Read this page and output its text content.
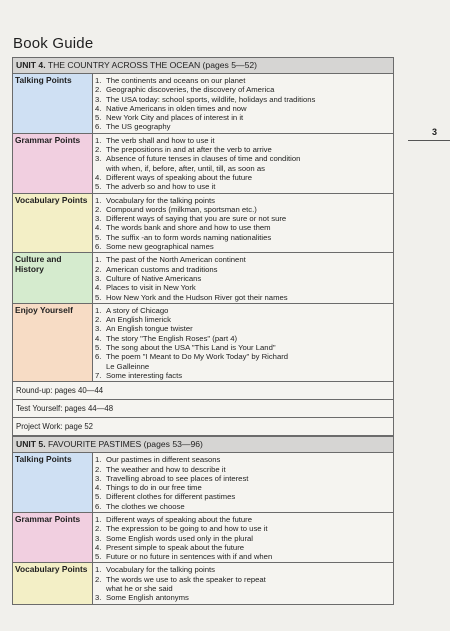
Book Guide
3
UNIT 4. THE COUNTRY ACROSS THE OCEAN (pages 5—52)
Talking Points	1. The continents and oceans on our planet
2. Geographic discoveries, the discovery of America
3. The USA today: school sports, wildlife, holidays and traditions
4. Native Americans in olden times and now
5. New York City and places of interest in it
6. The US geography
Grammar Points	1. The verb shall and how to use it
2. The prepositions in and at after the verb to arrive
3. Absence of future tenses in clauses of time and condition
with when, if, before, after, until, till, as soon as
4. Different ways of speaking about the future
5. The adverb so and how to use it
Vocabulary Points 1. Vocabulary for the talking points
2. Compound words (milkman, sportsman etc.)
3. Different ways of saying that you are sure or not sure
4. The words bank and shore and how to use them
5. The suffix -an to form words naming nationalities
6. Some new geographical names
Culture and History
1. The past of the North American continent
2. American customs and traditions
3. Culture of Native Americans
4. Places to visit in New York
5. How New York and the Hudson River got their names
Enjoy Yourself	1. A story of Chicago
2. An English limerick
3. An English tongue twister
4. The story "The English Roses" (part 4)
5. The song about the USA "This Land is Your Land"
6. The poem "I Meant to Do My Work Today" by Richard
Le Galleinne
7. Some interesting facts
Round-up: pages 40—44
Test Yourself: pages 44—48
Project Work: page 52
UNIT 5. FAVOURITE PASTIMES (pages 53—96)
Talking Points	1. Our pastimes in different seasons
2. The weather and how to describe it
3. Travelling abroad to see places of interest
4. Things to do in our free time
5. Different clothes for different pastimes
6. The clothes we choose
Grammar Points	1. Different ways of speaking about the future
2. The expression to be going to and how to use it
3. Some English words used only in the plural
4. Present simple to speak about the future
5. Future or no future in sentences with if and when
Vocabulary Points 1. Vocabulary for the talking points
2. The words we use to ask the speaker to repeat
what he or she said
3. Some English antonyms
